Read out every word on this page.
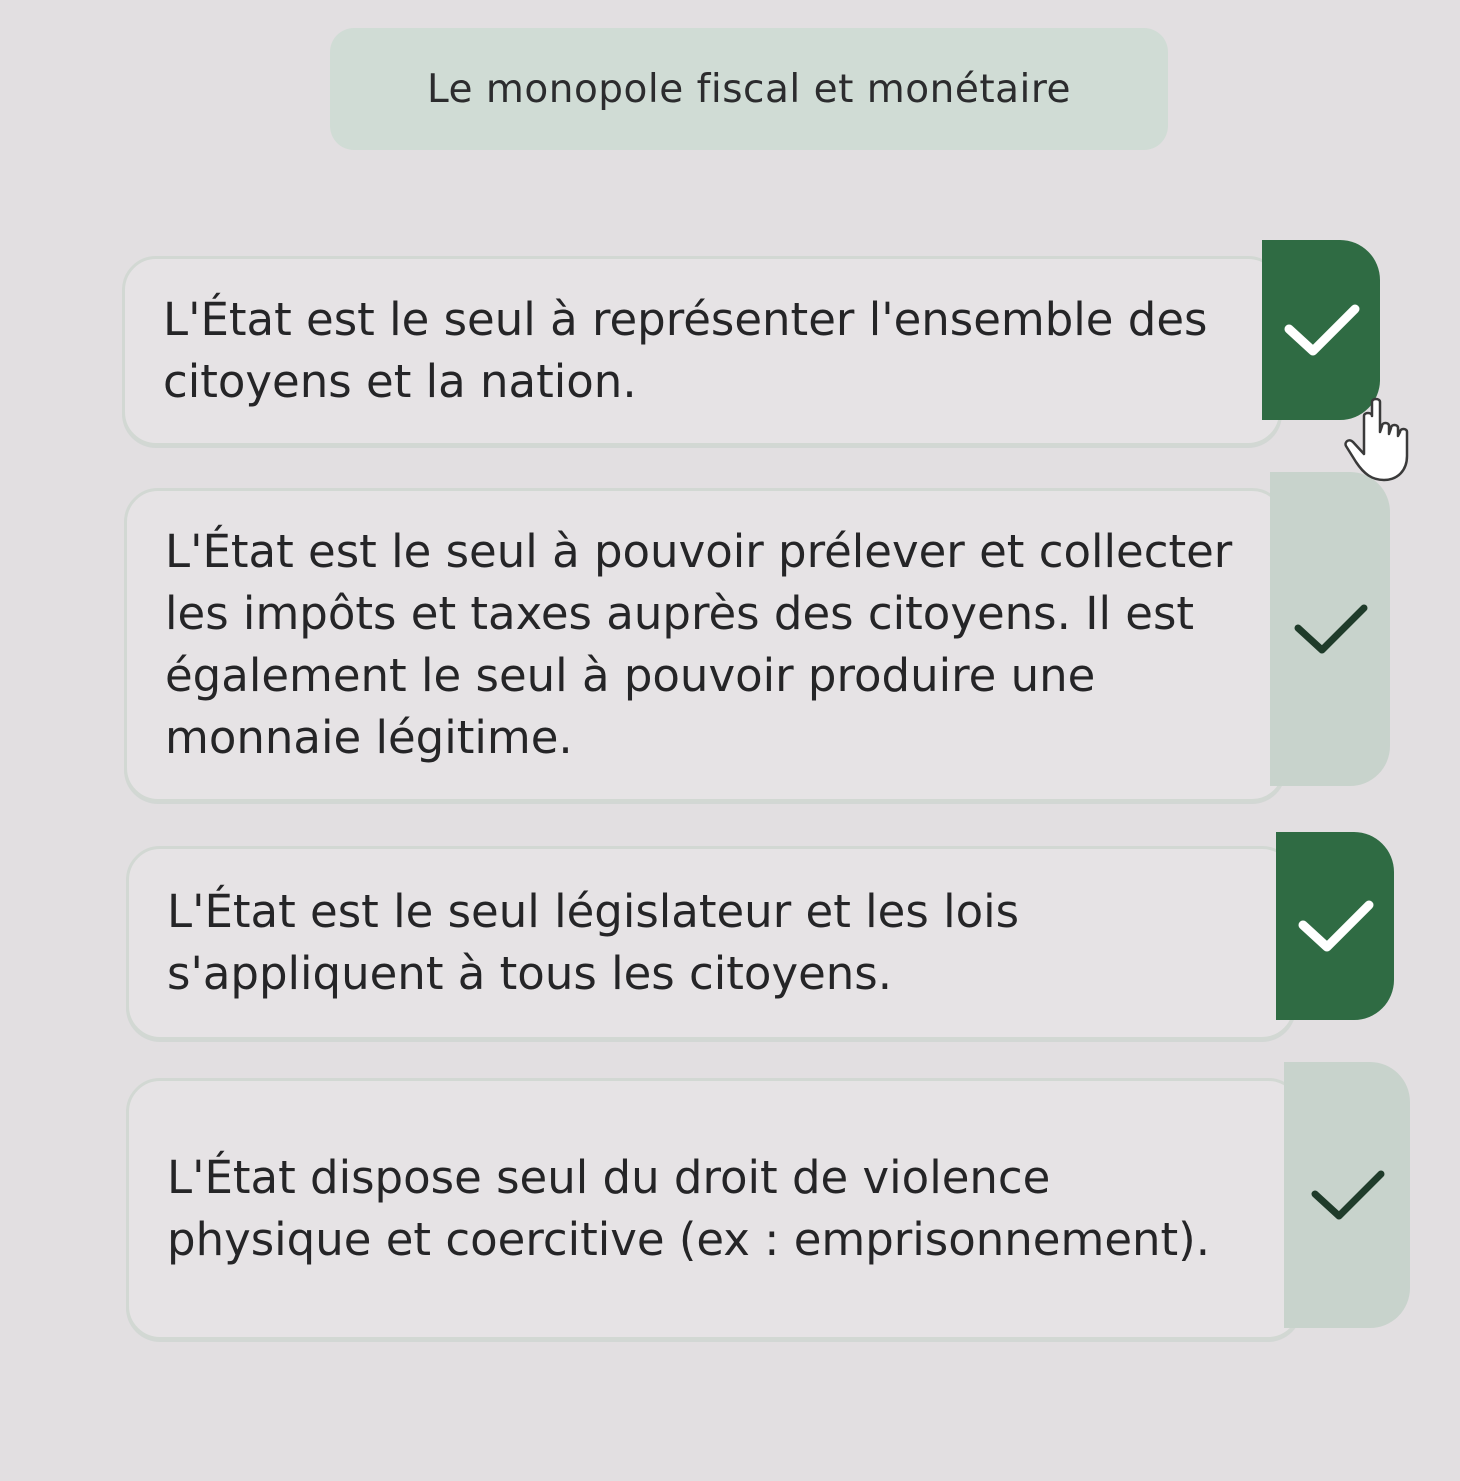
Le monopole fiscal et monétaire
L'État est le seul à représenter l'ensemble des citoyens et la nation.
L'État est le seul à pouvoir prélever et collecter les impôts et taxes auprès des citoyens. Il est également le seul à pouvoir produire une monnaie légitime.
L'État est le seul législateur et les lois s'appliquent à tous les citoyens.
L'État dispose seul du droit de violence physique et coercitive (ex : emprisonnement).
